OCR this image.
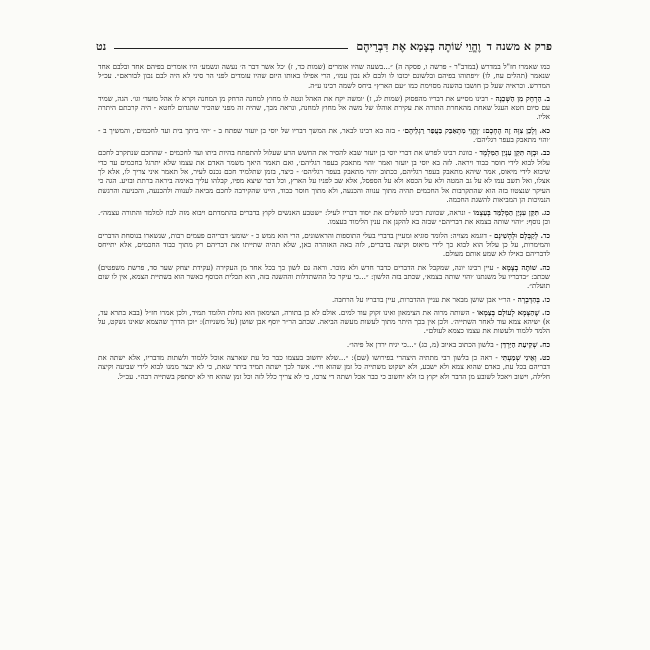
פרק א משנה ד
וֶהֱוֵי שׁוֹתֶה בְצָמָא אֶת דִּבְרֵיהֶם
נט

כמו שאמרו חז"ל במדרש (במדב"ר - פרשה ו, פסקה ה) ״...בשעה שהיו אומרים (שמות כד, ז) ׳כל אשר דבר ה׳ נעשה ונשמע׳ היו אומרים בפיהם אחד ובלבם אחד שנאמר (תהלים עח, לו) ׳ויפתוהו בפיהם ובלשונם יכזבו לו ולבם לא נכון עמו׳, הרי אפילו באותו היום שהיו עומדים לפני הר סיני לא היה לבם נכון לבוראם״. עכ״ל המדרש. וכראיה שעל כן חושבו בהשנה מסוימת כמו ״עם הארץ״ ביחס לשמה רבינו ע״ה.

ב. הַרְחֵק מִן הַשְּׁכֵנָה - רבינו מסייע את דבריו מהפסוק (שמות לג, ז) ׳ומשה יקח את האהל ונטה לו מחוץ למחנה הרחק מן המחנה וקרא לו אהל מועד׳ וגו׳. הגה, שמיד עם סיום חטא העגל שאחת מהאחרת התורה את עקירת אוהלו של משה אל מחוץ למחנה, ונראה מכך, שהיה זה מפני שהכיר שהגדום לחטא - היה קרבתם היתרה אליו.

כא. וְלָכֵן צִוָּה זֶה הֶחָכָם: ׳וֶהֱוֵי מִתְאַבֵּק בַּעֲפַר רַגְלֵיהֶם׳ - בזה בא רבינו לבאר, את המשך דבריו של יוסי בן יועזר שפתח ב - ׳יהי ביתך בית ועד לחכמים׳, והמשיך ב - ׳והוי מתאבק בעפר רגליהם׳.

כב. וּבָזֶה תִּקֵּן עִנְיַן הַמִּלְמָד - כוונת רבינו לפרש את דברי יוסי בן יועזר שבא להסיר את החשש הרע שעלול להתפתח בהיות ביתו ועד לחכמים - שהחכם שנתקרב לחכם עלול לבוא לידי חוסר כבוד ויראה. לזה בא יוסי בן יועזר ואמר ׳והוי מתאבק בעפר רגליהם׳, ואם תאמר היאך משמר האדם את עצמו שלא יתרגל בחכמים עד כדי שיבוא לידי מיאוס, אמר שיהא מתאבק בעפר רגליהם, ככתוב ׳והוי מתאבק בעפר רגליהם׳ - כיצד, בזמן שתלמיד חכם נכנס לעיר, אל תאמר איני צריך לו, אלא לך אצלו, ואל תשב עמו לא על גב המטה ולא על הכסא ולא על הספסל, אלא שב לפניו על הארץ, וכל דבר שיצא מפיו, קבלהו עליך באימה ביראה ברתת ובזיע. הגה כי העיקר שנצטוו בזה הוא שהתקרבות אל החכמים תהיה מתוך ענווה והכנעה, ולא מתוך חוסר כבוד, היינו שהקירבה לחכם מביאה לענווה ולהכנעה, והכניעה והרגשת הנמיכות הן המביאות להשגת החכמה.

כג. תִּקֵּן עִנְיַן הַמְּלַמֵּד בְּעַצְמוֹ - ונראה, שכוונת רבינו להשלים את יסוד דבריו לעיל: ״שטבע האנשים לקוץ בדברים בהתמדתם ויבוא מזה לבוז למלמד והתורה עצמה״. וכן נוסף: ״והוי שותה בצמא את דבריהם״ שבזה בא להקנן את ענין הלימוד בעצמו.

כד. לְקַבְּלָם וּלְהָשִׁינָם - דוגמא מצויה: הלומד סוגיא ומעיין בדברי בעלי התוספות והראשונים, הרי הוא ממש כ - ׳שומע׳ דבריהם פעמים רבות, שנשארו בנוסחת הדברים והמימרות, על כן עלול הוא לבוא כך לידי מיאוס וקיצה בדברים, לזה באה האזהרה כאן, שלא תהיה שתייתו את דבריהם רק מתוך כבוד החכמים, אלא יתייחס לדבריהם כאילו לא שמע אותם מעולם.

כה. שׁוֹתֶה בְצָמָא - עיין רבינו יונה, שמקבל את הדברים כדבר חדש ולא מוכר. וראה גם לשון כך בכל אחד מן העקירה (עקידת יצחק שער סד, פרשת משפטים) שכתב: ״בדבריו על משנתנו ׳והוי שותה בצמא׳, שכתב בזה הלשון: ״...כי עיקר כל ההשתדלות וההשגה בזה, הוא תכלית הכוסף כאשר הוא בשתיית הצמא, אין לו שום תועלת״.

כו. בְּהִדָּבְרָה - הר״י אבן שושן מבאר את עניין ההדברות, עיין בדבריו על הרחבה.

כז. שֶׁהַצָּמָא לְעוֹלָם בְּצַמְאוֹ - השותה מרוה את הצימאון ואינו זקוק עוד למים. אולם לא כן בתורה, הצימאון הוא נחלת הלומד תמיד, ולכן אמרו חז״ל (בבא בתרא עד, א) ׳שיהא צמא עוד לאחר השתייה׳. ולכן אין בכך היתר מתוך לעשות מעשה הביאה. שכתב הר״ר יוסף אבן שושן (על משניות): ״וכן הדרך שהצמא שאינו נשקט, על הלמד ללמוד ולעשות את עצמו כצמא לעולם״.

כח. שְׁקִיעַת הַיַּרְדֵּן - בלשון הכתוב באיוב (מ, כג) ״...כי יגיח ירדן אל פיהו״.

כט. וְאֵינִי שְׁמַעְתִּי - ראה כן בלשון רבי מתתיה היצהרי בפירושו (שם): ״...שלא יחשוב בעצמו כבר כל עת שארצה אוכל ללמוד ולשתות מדבריו, אלא ישתה את דבריהם בכל עת, כאדם שהוא צמא ולא ישבע, ולא ישקוט משתייה כל זמן שהוא חי״. אשר לכך ישתה תמיד ביתר שאת, כי לא יבצר ממנו לבוא לידי שביעה וקיצה חלילה, וישוב ויאכל לשובע מן הדבר ולא יקוץ בו ולא יחשוב כי כבר אכל ושתה די צרכו, כי לא צריך כלל לזה וכל זמן שהוא חי לא יסתפק בשתייה רבה״. עכ״ל.
